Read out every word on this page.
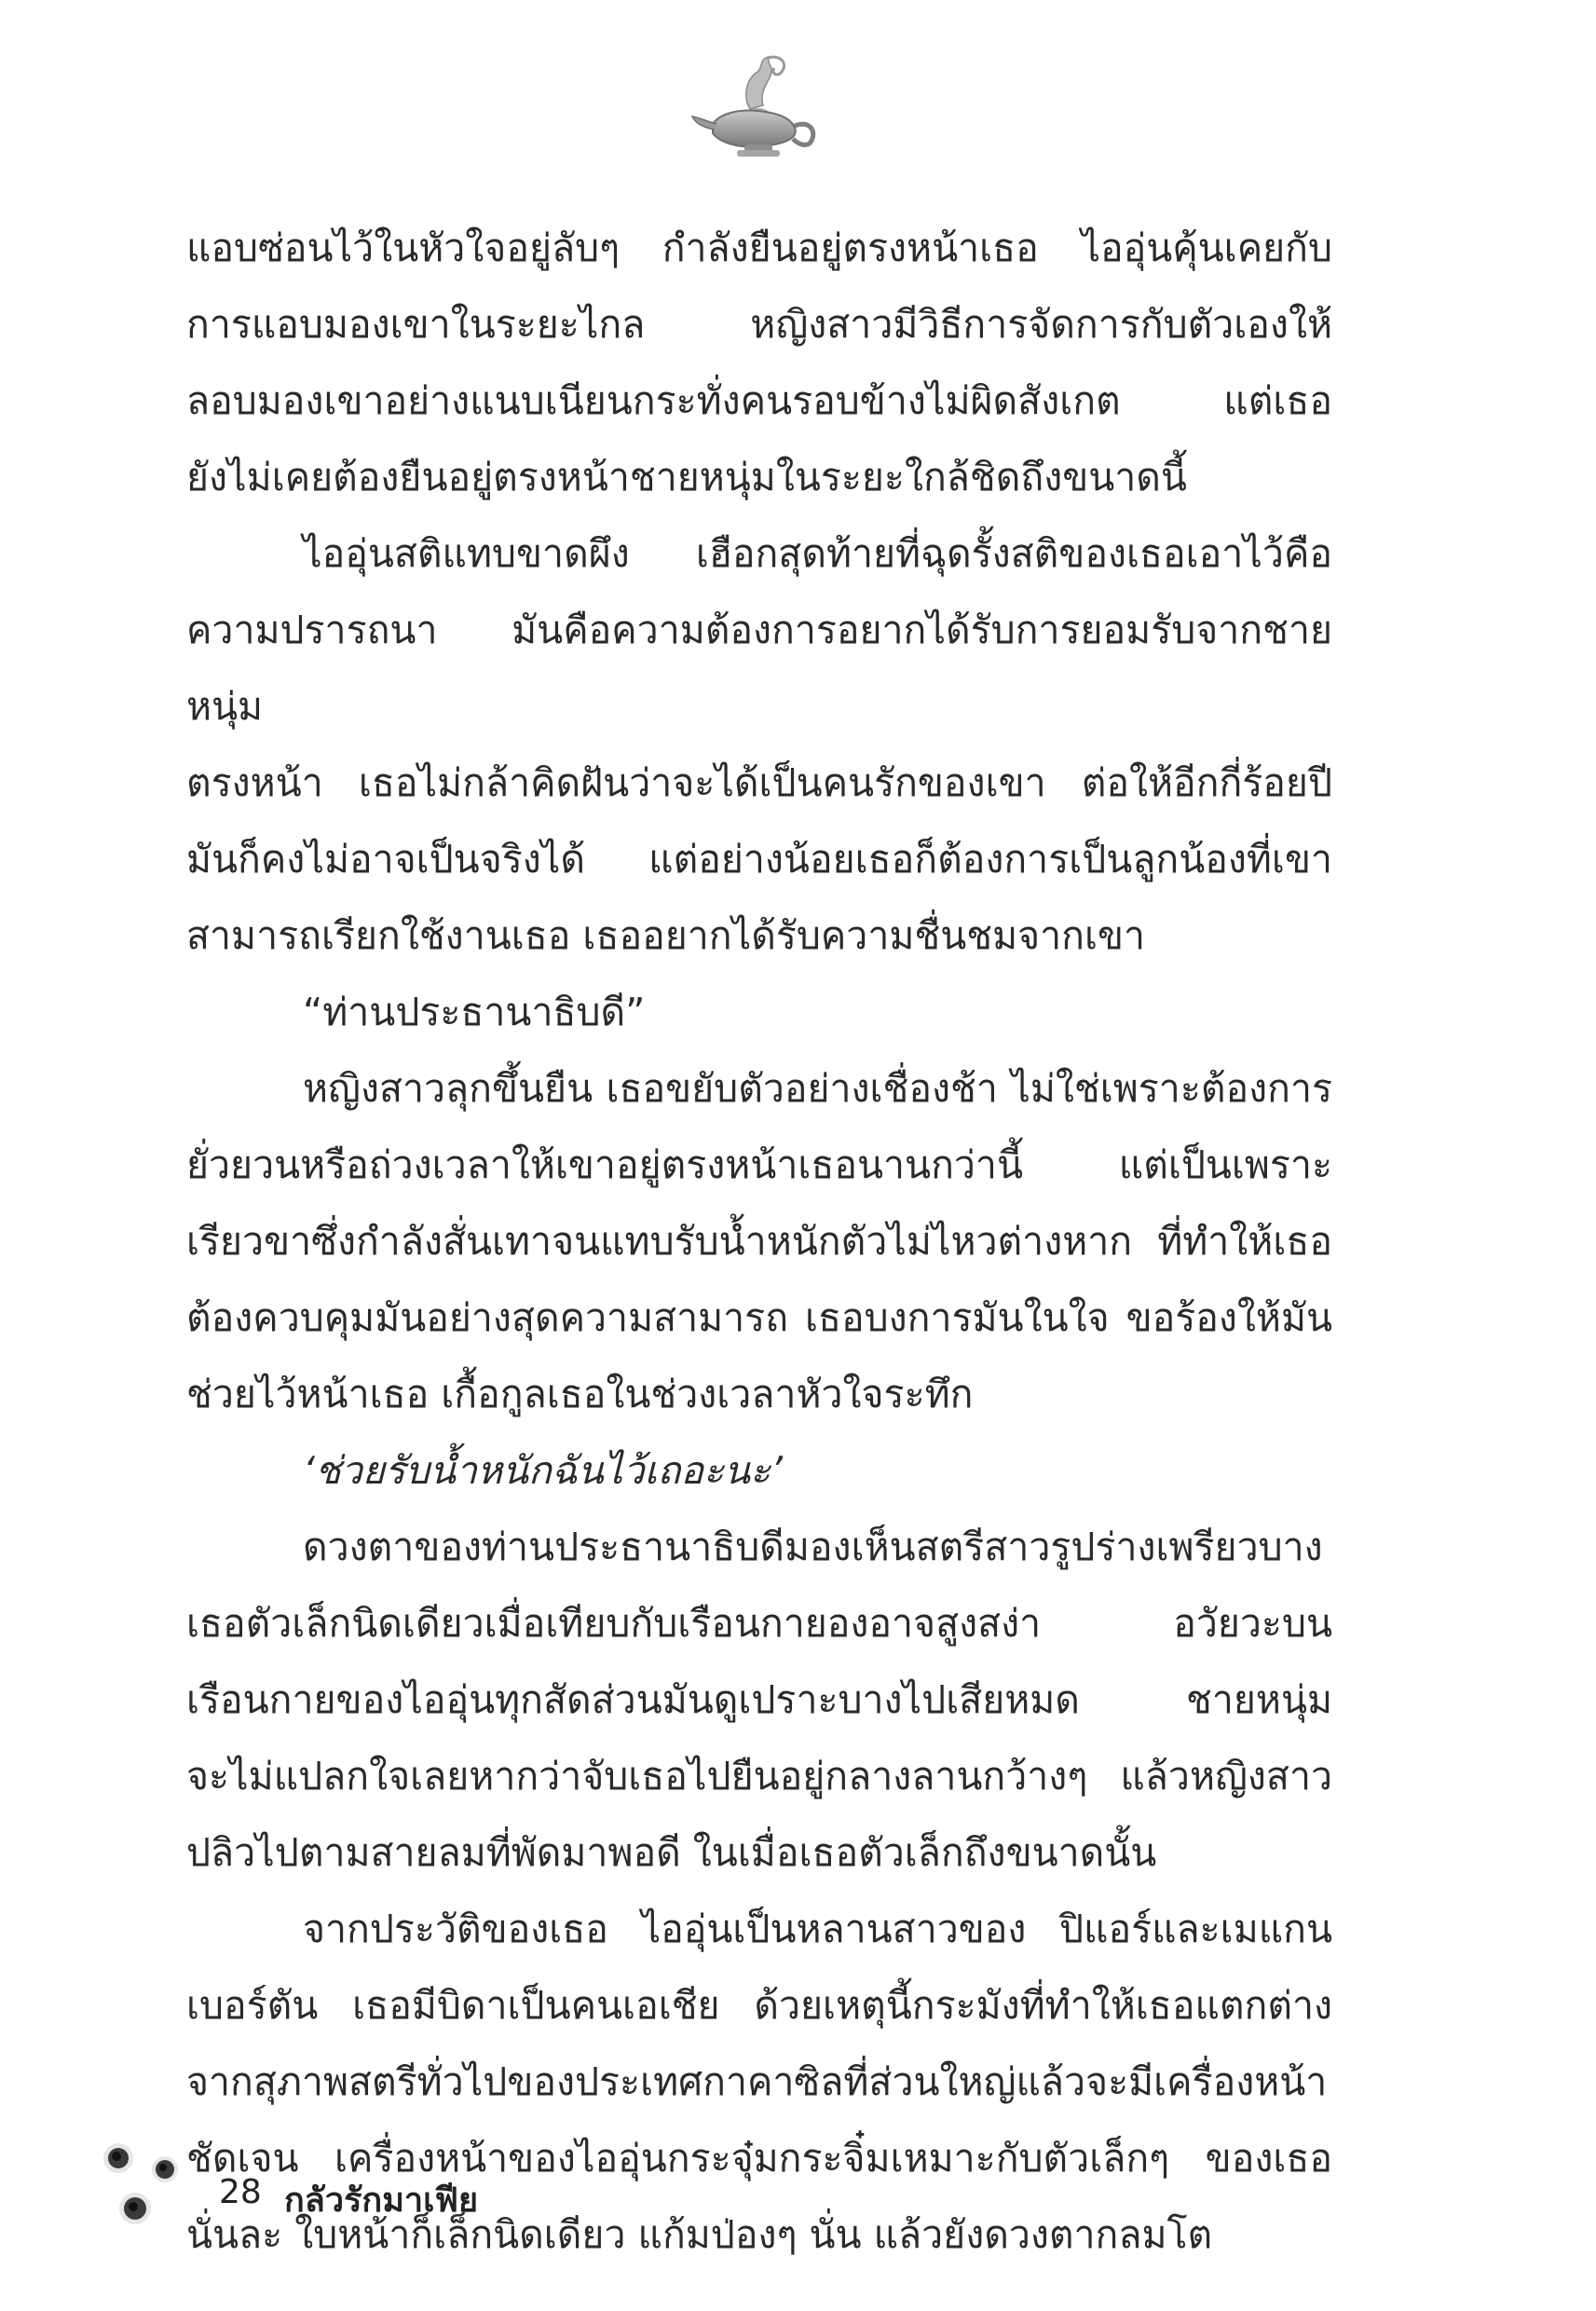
แอบซ่อนไว้ในหัวใจอยู่ลับๆ กำลังยืนอยู่ตรงหน้าเธอ ไออุ่นคุ้นเคยกับ

การแอบมองเขาในระยะไกล หญิงสาวมีวิธีการจัดการกับตัวเองให้

ลอบมองเขาอย่างแนบเนียนกระทั่งคนรอบข้างไม่ผิดสังเกต แต่เธอ

ยังไม่เคยต้องยืนอยู่ตรงหน้าชายหนุ่มในระยะใกล้ชิดถึงขนาดนี้

ไออุ่นสติแทบขาดผึง เฮือกสุดท้ายที่ฉุดรั้งสติของเธอเอาไว้คือ

ความปรารถนา มันคือความต้องการอยากได้รับการยอมรับจากชายหนุ่ม

ตรงหน้า เธอไม่กล้าคิดฝันว่าจะได้เป็นคนรักของเขา ต่อให้อีกกี่ร้อยปี

มันก็คงไม่อาจเป็นจริงได้ แต่อย่างน้อยเธอก็ต้องการเป็นลูกน้องที่เขา

สามารถเรียกใช้งานเธอ เธออยากได้รับความชื่นชมจากเขา

“ท่านประธานาธิบดี”

หญิงสาวลุกขึ้นยืน เธอขยับตัวอย่างเชื่องช้า ไม่ใช่เพราะต้องการ

ยั่วยวนหรือถ่วงเวลาให้เขาอยู่ตรงหน้าเธอนานกว่านี้ แต่เป็นเพราะ

เรียวขาซึ่งกำลังสั่นเทาจนแทบรับน้ำหนักตัวไม่ไหวต่างหาก ที่ทำให้เธอ

ต้องควบคุมมันอย่างสุดความสามารถ เธอบงการมันในใจ ขอร้องให้มัน

ช่วยไว้หน้าเธอ เกื้อกูลเธอในช่วงเวลาหัวใจระทึก

‘ช่วยรับน้ำหนักฉันไว้เถอะนะ’

ดวงตาของท่านประธานาธิบดีมองเห็นสตรีสาวรูปร่างเพรียวบาง

เธอตัวเล็กนิดเดียวเมื่อเทียบกับเรือนกายองอาจสูงสง่า อวัยวะบน

เรือนกายของไออุ่นทุกสัดส่วนมันดูเปราะบางไปเสียหมด ชายหนุ่ม

จะไม่แปลกใจเลยหากว่าจับเธอไปยืนอยู่กลางลานกว้างๆ แล้วหญิงสาว

ปลิวไปตามสายลมที่พัดมาพอดี ในเมื่อเธอตัวเล็กถึงขนาดนั้น

จากประวัติของเธอ ไออุ่นเป็นหลานสาวของ ปิแอร์และเมแกน

เบอร์ตัน เธอมีบิดาเป็นคนเอเชีย ด้วยเหตุนี้กระมังที่ทำให้เธอแตกต่าง

จากสุภาพสตรีทั่วไปของประเทศกาคาซิลที่ส่วนใหญ่แล้วจะมีเครื่องหน้า

ชัดเจน เครื่องหน้าของไออุ่นกระจุ๋มกระจิ๋มเหมาะกับตัวเล็กๆ ของเธอ

นั่นละ ใบหน้าก็เล็กนิดเดียว แก้มป่องๆ นั่น แล้วยังดวงตากลมโต

28 กลัวรักมาเฟีย
